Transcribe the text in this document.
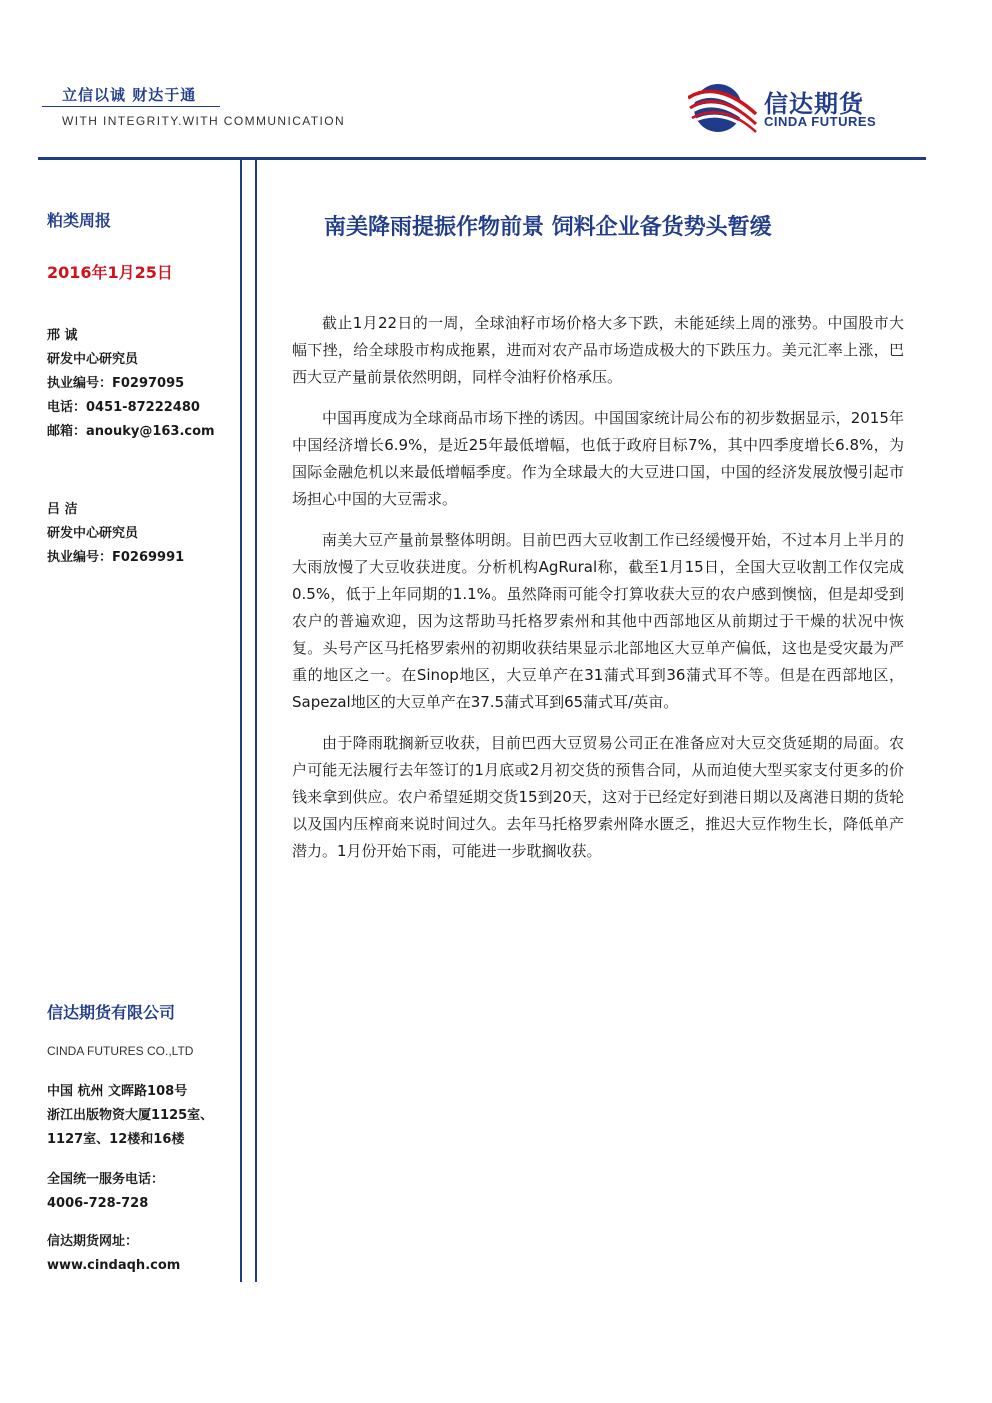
立信以诚 财达于通
WITH INTEGRITY.WITH COMMUNICATION
信达期货
CINDA FUTURES
粕类周报
2016年1月25日
邢 诚
研发中心研究员
执业编号：F0297095
电话：0451-87222480
邮箱：anouky@163.com
吕 洁
研发中心研究员
执业编号：F0269991
信达期货有限公司
CINDA FUTURES CO.,LTD
中国 杭州 文晖路108号
浙江出版物资大厦1125室、
1127室、12楼和16楼
全国统一服务电话：
4006-728-728
信达期货网址：
www.cindaqh.com
南美降雨提振作物前景 饲料企业备货势头暂缓

截止1月22日的一周，全球油籽市场价格大多下跌，未能延续上周的涨势。中国股市大幅下挫，给全球股市构成拖累，进而对农产品市场造成极大的下跌压力。美元汇率上涨，巴西大豆产量前景依然明朗，同样令油籽价格承压。

中国再度成为全球商品市场下挫的诱因。中国国家统计局公布的初步数据显示，2015年中国经济增长6.9%，是近25年最低增幅，也低于政府目标7%，其中四季度增长6.8%，为国际金融危机以来最低增幅季度。作为全球最大的大豆进口国，中国的经济发展放慢引起市场担心中国的大豆需求。

南美大豆产量前景整体明朗。目前巴西大豆收割工作已经缓慢开始，不过本月上半月的大雨放慢了大豆收获进度。分析机构AgRural称，截至1月15日，全国大豆收割工作仅完成0.5%，低于上年同期的1.1%。虽然降雨可能令打算收获大豆的农户感到懊恼，但是却受到农户的普遍欢迎，因为这帮助马托格罗索州和其他中西部地区从前期过于干燥的状况中恢复。头号产区马托格罗索州的初期收获结果显示北部地区大豆单产偏低，这也是受灾最为严重的地区之一。在Sinop地区，大豆单产在31蒲式耳到36蒲式耳不等。但是在西部地区，Sapezal地区的大豆单产在37.5蒲式耳到65蒲式耳/英亩。

由于降雨耽搁新豆收获，目前巴西大豆贸易公司正在准备应对大豆交货延期的局面。农户可能无法履行去年签订的1月底或2月初交货的预售合同，从而迫使大型买家支付更多的价钱来拿到供应。农户希望延期交货15到20天，这对于已经定好到港日期以及离港日期的货轮以及国内压榨商来说时间过久。去年马托格罗索州降水匮乏，推迟大豆作物生长，降低单产潜力。1月份开始下雨，可能进一步耽搁收获。
